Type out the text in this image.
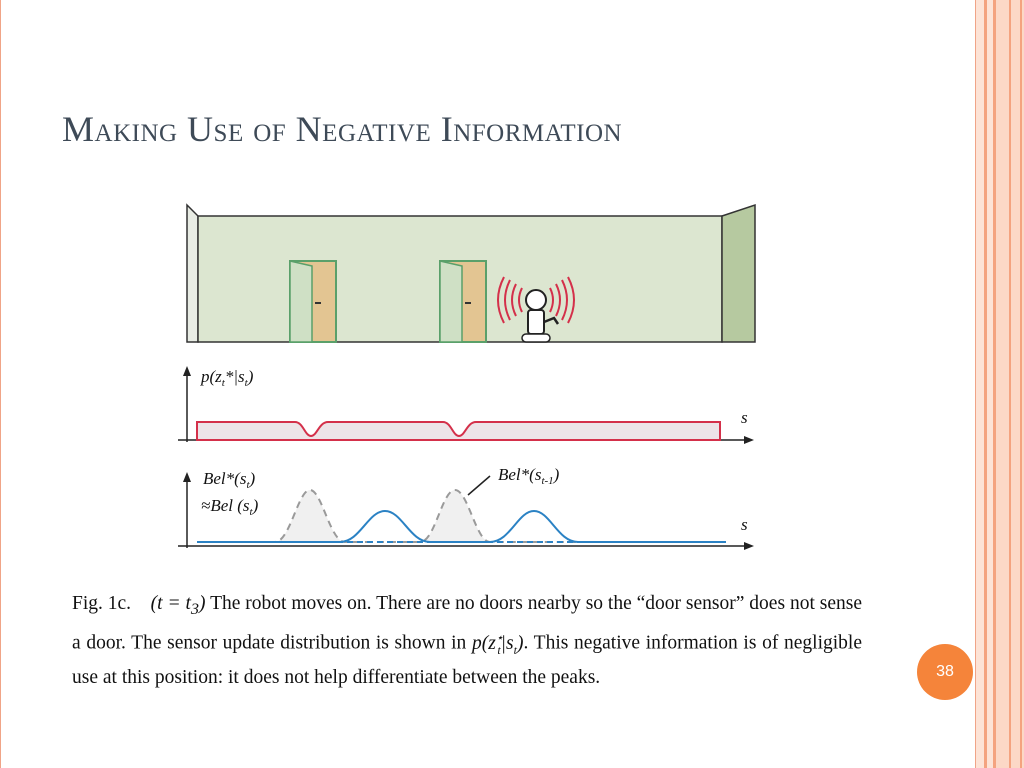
Making Use of Negative Information
$p(z_t*|s_t)$
s
$Bel*(s_t)$
≈Bel $(s_t)$
$Bel*(s_{t-1})$
s
Fig. 1c. $(t = t_3)$ The robot moves on. There are no doors nearby so the “door sensor” does not sense a door. The sensor update distribution is shown in $p(z^⋆_t|s_t)$. This negative information is of negligible use at this position: it does not help differentiate between the peaks.	38
